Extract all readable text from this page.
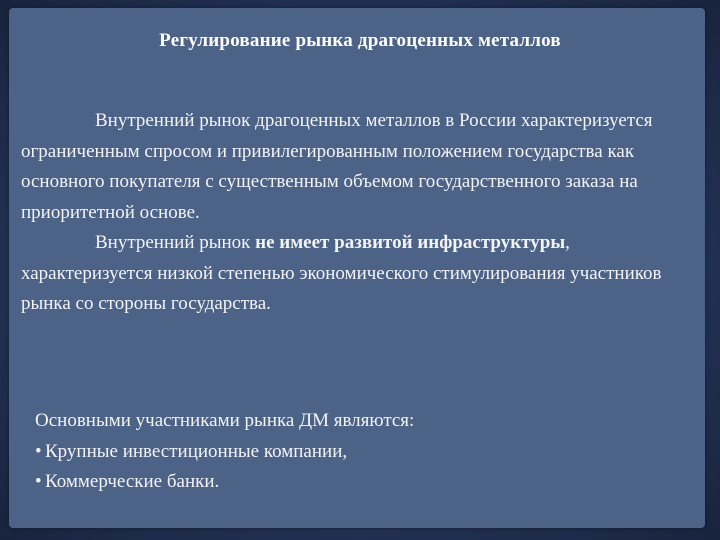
Регулирование рынка драгоценных металлов

Внутренний рынок драгоценных металлов в России характеризуется ограниченным спросом и привилегированным положением государства как основного покупателя с существенным объемом государственного заказа на приоритетной основе.

Внутренний рынок не имеет развитой инфраструктуры, характеризуется низкой степенью экономического стимулирования участников рынка со стороны государства.

Основными участниками рынка ДМ являются:
• Крупные инвестиционные компании,
• Коммерческие банки.
